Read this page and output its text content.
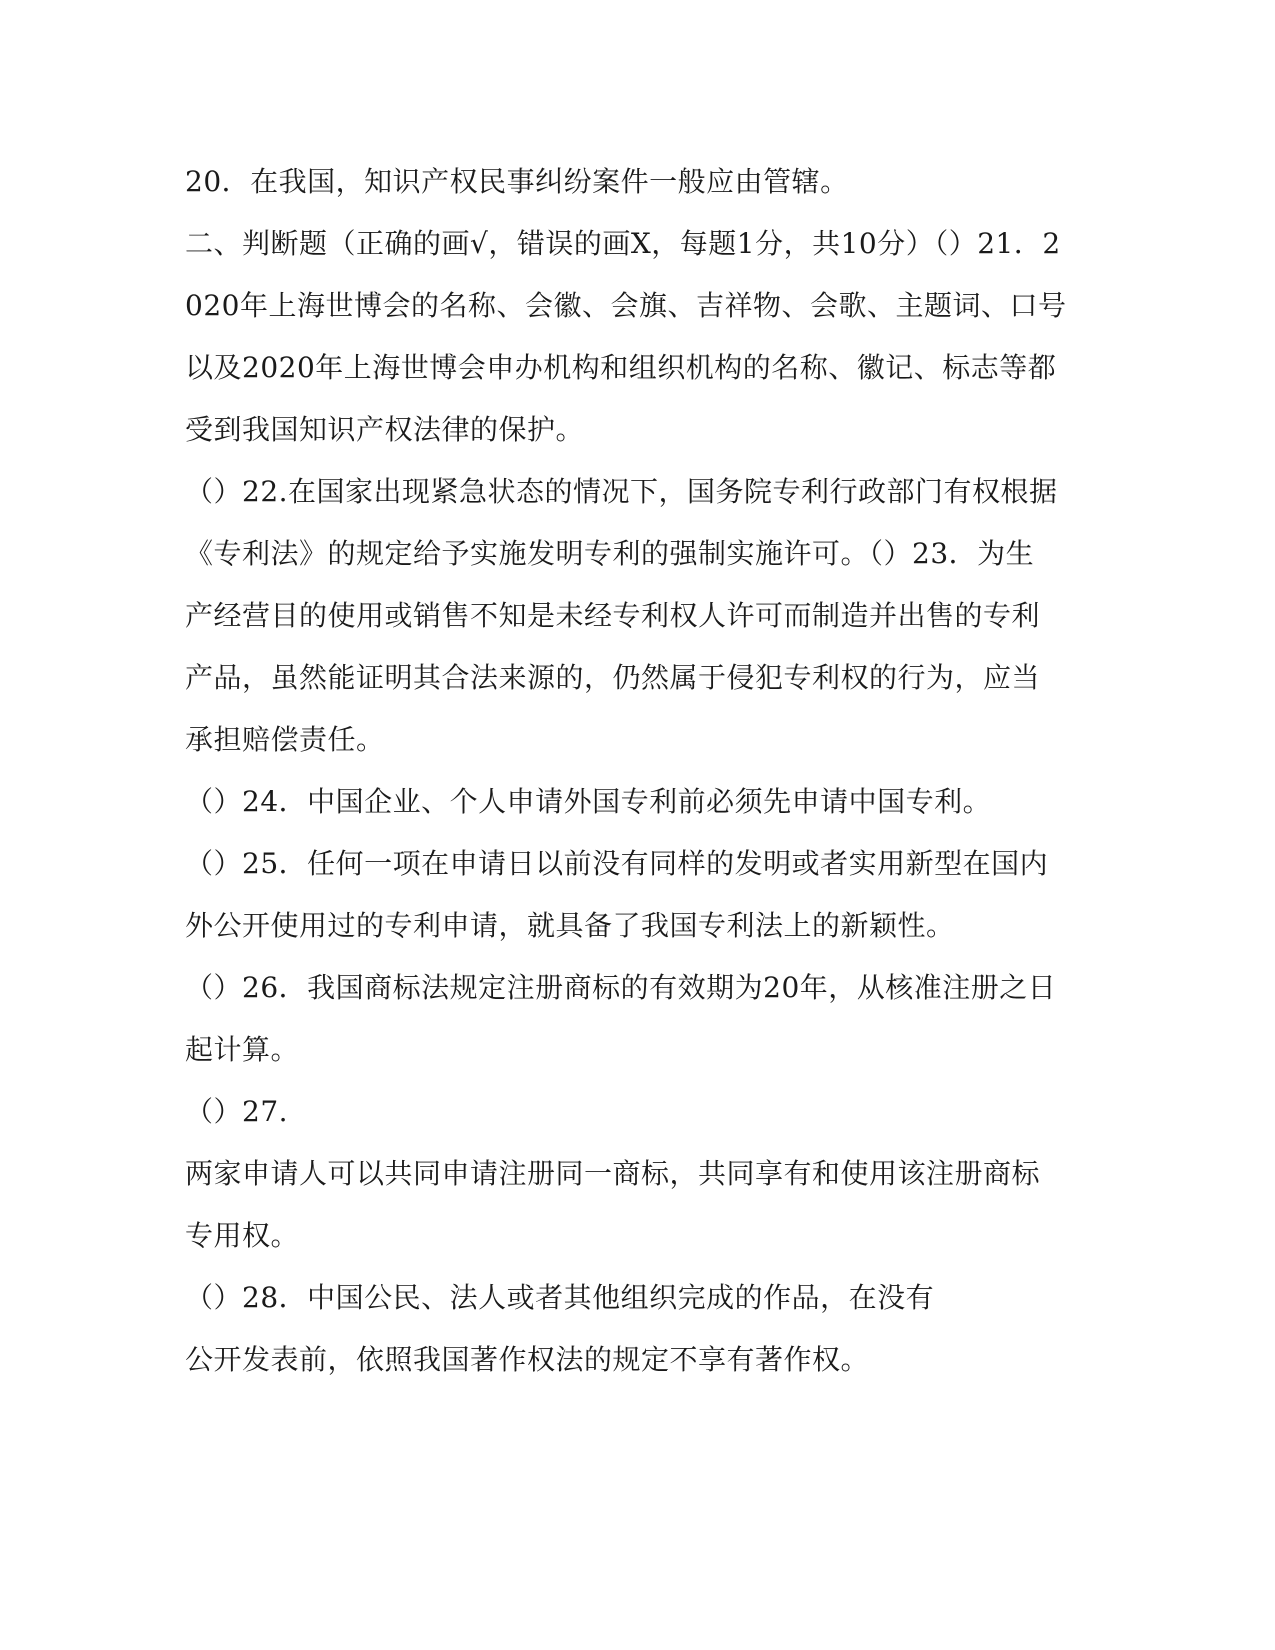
20．在我国，知识产权民事纠纷案件一般应由管辖。
二、判断题（正确的画√，错误的画X，每题1分，共10分）（）21．2
020年上海世博会的名称、会徽、会旗、吉祥物、会歌、主题词、口号
以及2020年上海世博会申办机构和组织机构的名称、徽记、标志等都
受到我国知识产权法律的保护。
（）22.在国家出现紧急状态的情况下，国务院专利行政部门有权根据
《专利法》的规定给予实施发明专利的强制实施许可。（）23．为生
产经营目的使用或销售不知是未经专利权人许可而制造并出售的专利
产品，虽然能证明其合法来源的，仍然属于侵犯专利权的行为，应当
承担赔偿责任。
（）24．中国企业、个人申请外国专利前必须先申请中国专利。
（）25．任何一项在申请日以前没有同样的发明或者实用新型在国内
外公开使用过的专利申请，就具备了我国专利法上的新颖性。
（）26．我国商标法规定注册商标的有效期为20年，从核准注册之日
起计算。
（）27.
两家申请人可以共同申请注册同一商标，共同享有和使用该注册商标
专用权。
（）28．中国公民、法人或者其他组织完成的作品，在没有
公开发表前，依照我国著作权法的规定不享有著作权。
